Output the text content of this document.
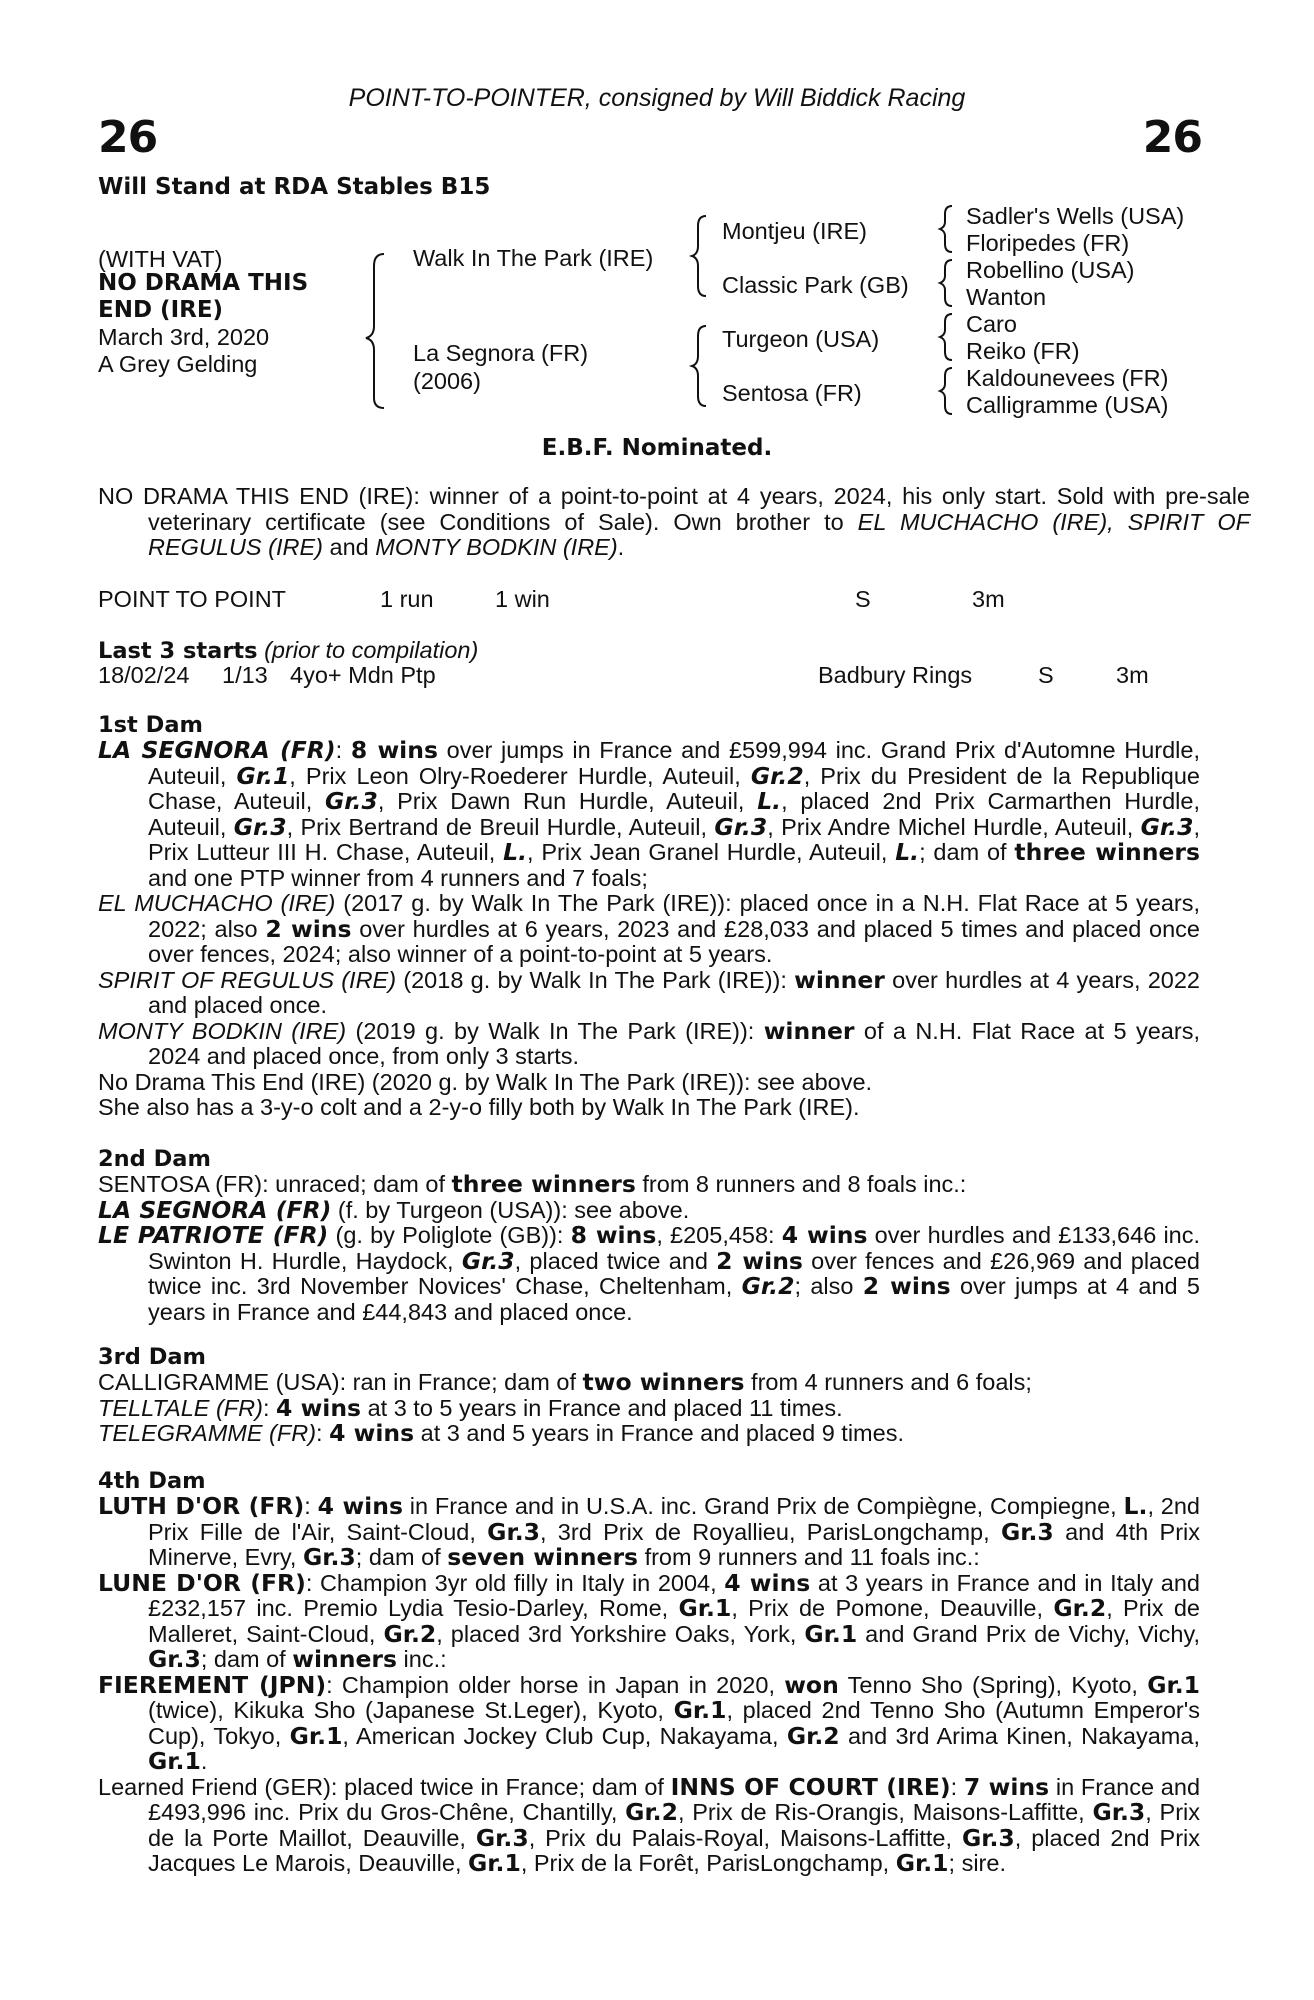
POINT-TO-POINTER, consigned by Will Biddick Racing
26	26
Will Stand at RDA Stables B15
(WITH VAT)
NO DRAMA THIS
END (IRE)
March 3rd, 2020
A Grey Gelding
Walk In The Park (IRE)
La Segnora (FR)
(2006)
Montjeu (IRE)
Classic Park (GB)
Turgeon (USA)
Sentosa (FR)
Sadler's Wells (USA)
Floripedes (FR)
Robellino (USA)
Wanton
Caro
Reiko (FR)
Kaldounevees (FR)
Calligramme (USA)
E.B.F. Nominated.
NO DRAMA THIS END (IRE): winner of a point-to-point at 4 years, 2024, his only start. Sold with pre-sale veterinary certificate (see Conditions of Sale). Own brother to EL MUCHACHO (IRE), SPIRIT OF REGULUS (IRE) and MONTY BODKIN (IRE).
POINT TO POINT	1 run	1 win	S	3m
Last 3 starts (prior to compilation)
18/02/24 1/13 4yo+ Mdn Ptp	Badbury Rings	S	3m
1st Dam

LA SEGNORA (FR): 8 wins over jumps in France and £599,994 inc. Grand Prix d'Automne Hurdle, Auteuil, Gr.1, Prix Leon Olry-Roederer Hurdle, Auteuil, Gr.2, Prix du President de la Republique Chase, Auteuil, Gr.3, Prix Dawn Run Hurdle, Auteuil, L., placed 2nd Prix Carmarthen Hurdle, Auteuil, Gr.3, Prix Bertrand de Breuil Hurdle, Auteuil, Gr.3, Prix Andre Michel Hurdle, Auteuil, Gr.3, Prix Lutteur III H. Chase, Auteuil, L., Prix Jean Granel Hurdle, Auteuil, L.; dam of three winners and one PTP winner from 4 runners and 7 foals;

EL MUCHACHO (IRE) (2017 g. by Walk In The Park (IRE)): placed once in a N.H. Flat Race at 5 years, 2022; also 2 wins over hurdles at 6 years, 2023 and £28,033 and placed 5 times and placed once over fences, 2024; also winner of a point-to-point at 5 years.

SPIRIT OF REGULUS (IRE) (2018 g. by Walk In The Park (IRE)): winner over hurdles at 4 years, 2022 and placed once.

MONTY BODKIN (IRE) (2019 g. by Walk In The Park (IRE)): winner of a N.H. Flat Race at 5 years, 2024 and placed once, from only 3 starts.

No Drama This End (IRE) (2020 g. by Walk In The Park (IRE)): see above.

She also has a 3-y-o colt and a 2-y-o filly both by Walk In The Park (IRE).

2nd Dam

SENTOSA (FR): unraced; dam of three winners from 8 runners and 8 foals inc.:

LA SEGNORA (FR) (f. by Turgeon (USA)): see above.

LE PATRIOTE (FR) (g. by Poliglote (GB)): 8 wins, £205,458: 4 wins over hurdles and £133,646 inc. Swinton H. Hurdle, Haydock, Gr.3, placed twice and 2 wins over fences and £26,969 and placed twice inc. 3rd November Novices' Chase, Cheltenham, Gr.2; also 2 wins over jumps at 4 and 5 years in France and £44,843 and placed once.

3rd Dam

CALLIGRAMME (USA): ran in France; dam of two winners from 4 runners and 6 foals;

TELLTALE (FR): 4 wins at 3 to 5 years in France and placed 11 times.

TELEGRAMME (FR): 4 wins at 3 and 5 years in France and placed 9 times.

4th Dam

LUTH D'OR (FR): 4 wins in France and in U.S.A. inc. Grand Prix de Compiègne, Compiegne, L., 2nd Prix Fille de l'Air, Saint-Cloud, Gr.3, 3rd Prix de Royallieu, ParisLongchamp, Gr.3 and 4th Prix Minerve, Evry, Gr.3; dam of seven winners from 9 runners and 11 foals inc.:

LUNE D'OR (FR): Champion 3yr old filly in Italy in 2004, 4 wins at 3 years in France and in Italy and £232,157 inc. Premio Lydia Tesio-Darley, Rome, Gr.1, Prix de Pomone, Deauville, Gr.2, Prix de Malleret, Saint-Cloud, Gr.2, placed 3rd Yorkshire Oaks, York, Gr.1 and Grand Prix de Vichy, Vichy, Gr.3; dam of winners inc.:

FIEREMENT (JPN): Champion older horse in Japan in 2020, won Tenno Sho (Spring), Kyoto, Gr.1 (twice), Kikuka Sho (Japanese St.Leger), Kyoto, Gr.1, placed 2nd Tenno Sho (Autumn Emperor's Cup), Tokyo, Gr.1, American Jockey Club Cup, Nakayama, Gr.2 and 3rd Arima Kinen, Nakayama, Gr.1.

Learned Friend (GER): placed twice in France; dam of INNS OF COURT (IRE): 7 wins in France and £493,996 inc. Prix du Gros-Chêne, Chantilly, Gr.2, Prix de Ris-Orangis, Maisons-Laffitte, Gr.3, Prix de la Porte Maillot, Deauville, Gr.3, Prix du Palais-Royal, Maisons-Laffitte, Gr.3, placed 2nd Prix Jacques Le Marois, Deauville, Gr.1, Prix de la Forêt, ParisLongchamp, Gr.1; sire.
